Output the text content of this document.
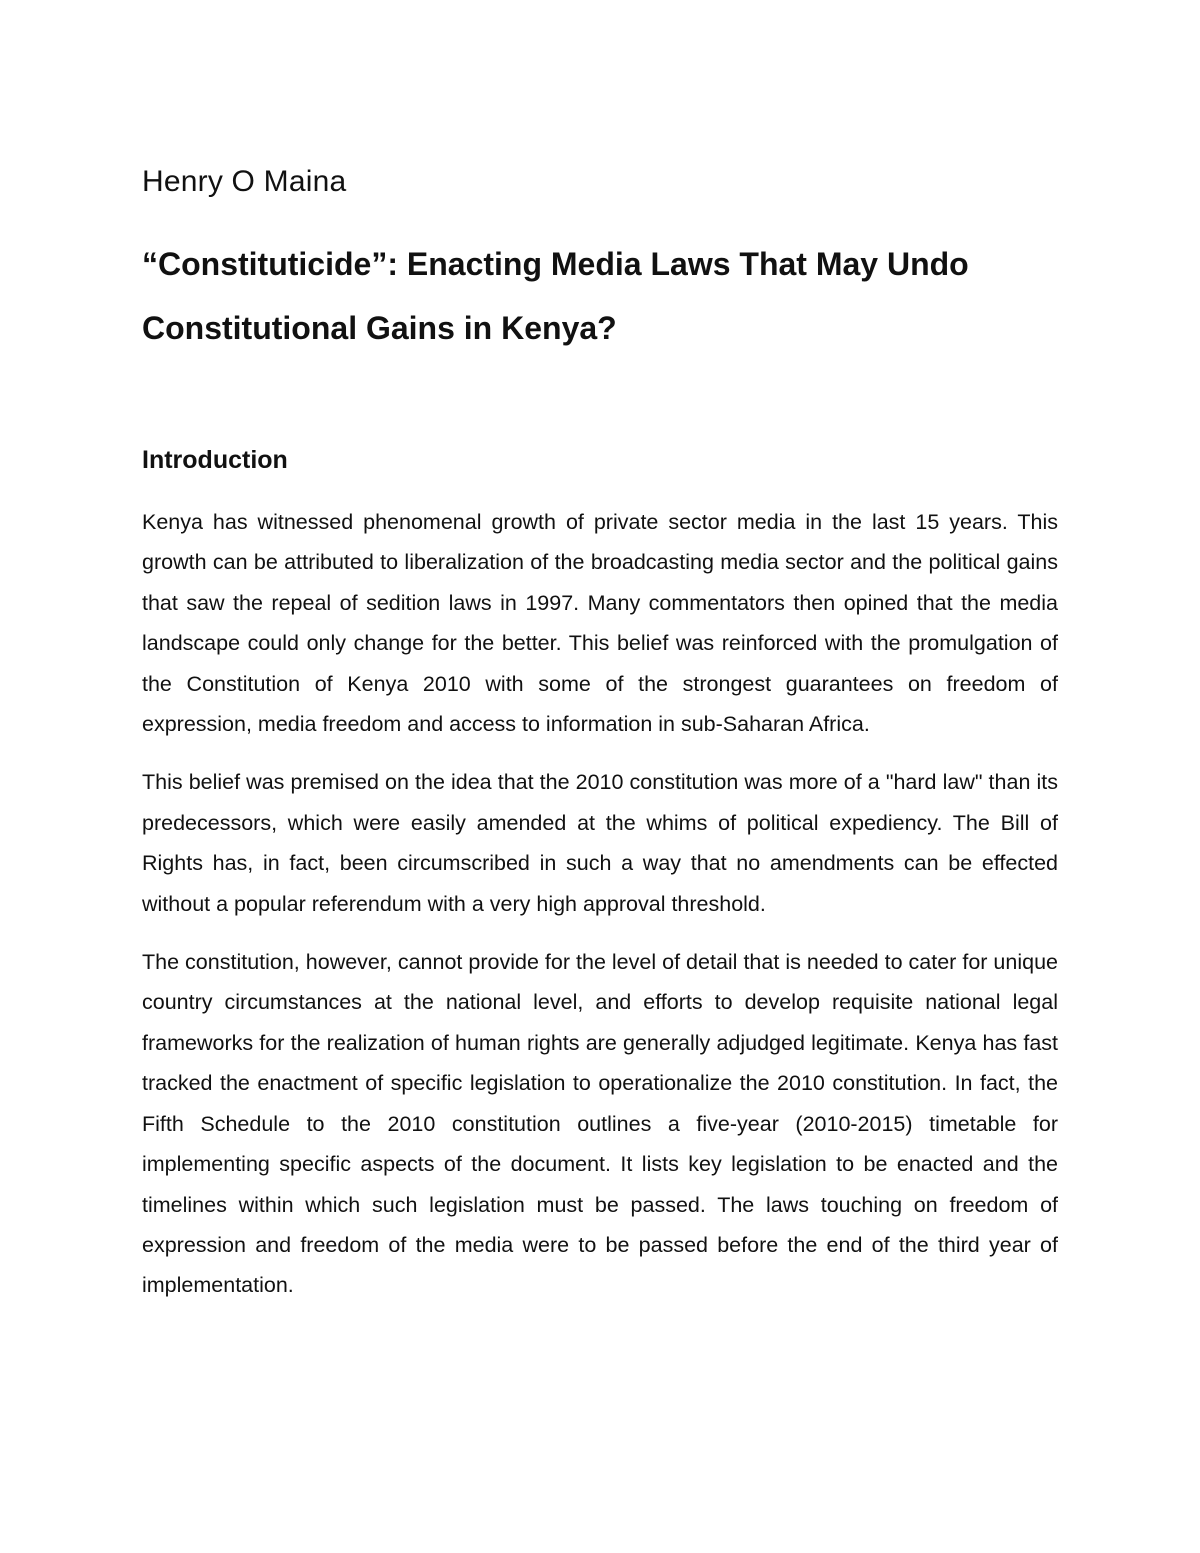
Henry O Maina

“Constituticide”: Enacting Media Laws That May Undo Constitutional Gains in Kenya?
Introduction

Kenya has witnessed phenomenal growth of private sector media in the last 15 years. This growth can be attributed to liberalization of the broadcasting media sector and the political gains that saw the repeal of sedition laws in 1997. Many commentators then opined that the media landscape could only change for the better. This belief was reinforced with the promulgation of the Constitution of Kenya 2010 with some of the strongest guarantees on freedom of expression, media freedom and access to information in sub-Saharan Africa.

This belief was premised on the idea that the 2010 constitution was more of a "hard law" than its predecessors, which were easily amended at the whims of political expediency. The Bill of Rights has, in fact, been circumscribed in such a way that no amendments can be effected without a popular referendum with a very high approval threshold.

The constitution, however, cannot provide for the level of detail that is needed to cater for unique country circumstances at the national level, and efforts to develop requisite national legal frameworks for the realization of human rights are generally adjudged legitimate. Kenya has fast tracked the enactment of specific legislation to operationalize the 2010 constitution. In fact, the Fifth Schedule to the 2010 constitution outlines a five-year (2010-2015) timetable for implementing specific aspects of the document. It lists key legislation to be enacted and the timelines within which such legislation must be passed. The laws touching on freedom of expression and freedom of the media were to be passed before the end of the third year of implementation.
